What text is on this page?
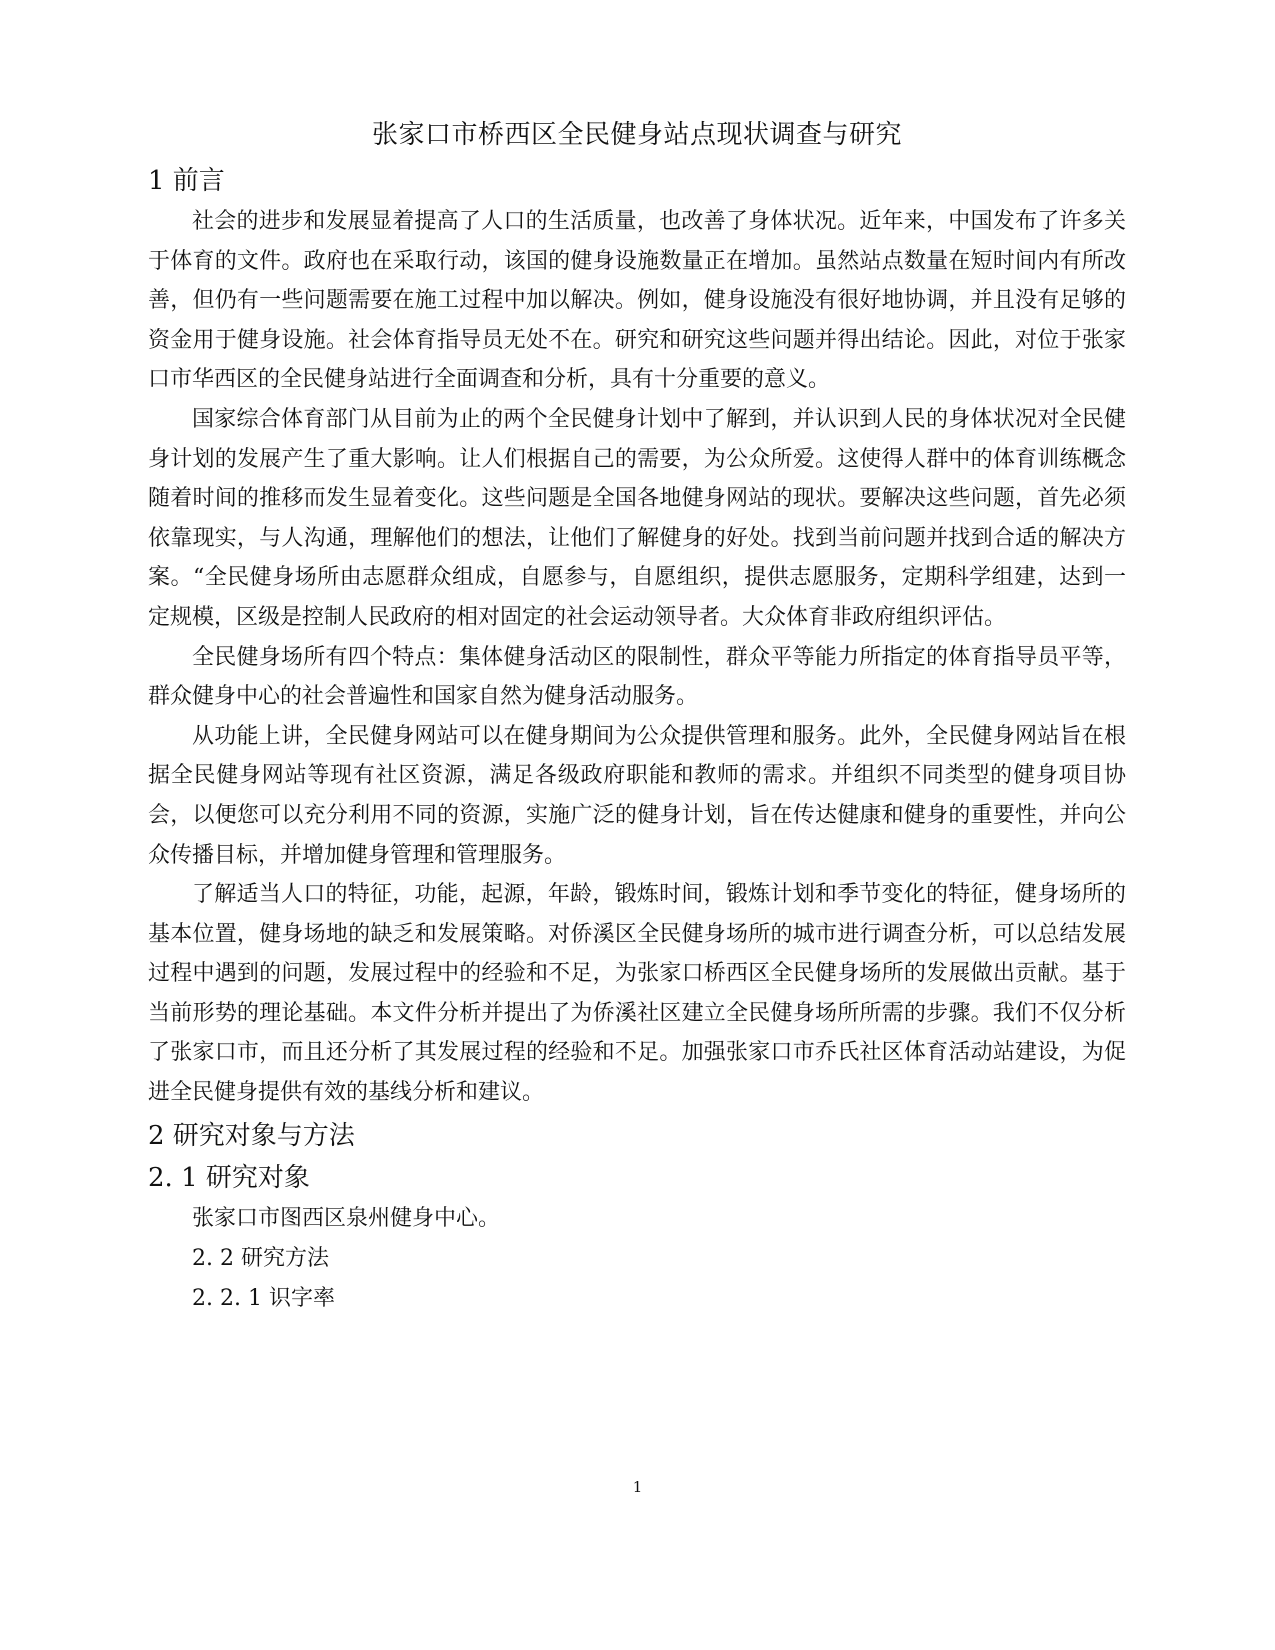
张家口市桥西区全民健身站点现状调查与研究
1 前言

社会的进步和发展显着提高了人口的生活质量，也改善了身体状况。近年来，中国发布了许多关于体育的文件。政府也在采取行动，该国的健身设施数量正在增加。虽然站点数量在短时间内有所改善，但仍有一些问题需要在施工过程中加以解决。例如，健身设施没有很好地协调，并且没有足够的资金用于健身设施。社会体育指导员无处不在。研究和研究这些问题并得出结论。因此，对位于张家口市华西区的全民健身站进行全面调查和分析，具有十分重要的意义。

国家综合体育部门从目前为止的两个全民健身计划中了解到，并认识到人民的身体状况对全民健身计划的发展产生了重大影响。让人们根据自己的需要，为公众所爱。这使得人群中的体育训练概念随着时间的推移而发生显着变化。这些问题是全国各地健身网站的现状。要解决这些问题，首先必须依靠现实，与人沟通，理解他们的想法，让他们了解健身的好处。找到当前问题并找到合适的解决方案。“全民健身场所由志愿群众组成，自愿参与，自愿组织，提供志愿服务，定期科学组建，达到一定规模，区级是控制人民政府的相对固定的社会运动领导者。大众体育非政府组织评估。

全民健身场所有四个特点：集体健身活动区的限制性，群众平等能力所指定的体育指导员平等，群众健身中心的社会普遍性和国家自然为健身活动服务。

从功能上讲，全民健身网站可以在健身期间为公众提供管理和服务。此外，全民健身网站旨在根据全民健身网站等现有社区资源，满足各级政府职能和教师的需求。并组织不同类型的健身项目协会，以便您可以充分利用不同的资源，实施广泛的健身计划，旨在传达健康和健身的重要性，并向公众传播目标，并增加健身管理和管理服务。

了解适当人口的特征，功能，起源，年龄，锻炼时间，锻炼计划和季节变化的特征，健身场所的基本位置，健身场地的缺乏和发展策略。对侨溪区全民健身场所的城市进行调查分析，可以总结发展过程中遇到的问题，发展过程中的经验和不足，为张家口桥西区全民健身场所的发展做出贡献。基于当前形势的理论基础。本文件分析并提出了为侨溪社区建立全民健身场所所需的步骤。我们不仅分析了张家口市，而且还分析了其发展过程的经验和不足。加强张家口市乔氏社区体育活动站建设，为促进全民健身提供有效的基线分析和建议。

2 研究对象与方法
2. 1 研究对象

张家口市图西区泉州健身中心。

2. 2 研究方法

2. 2. 1 识字率

1
